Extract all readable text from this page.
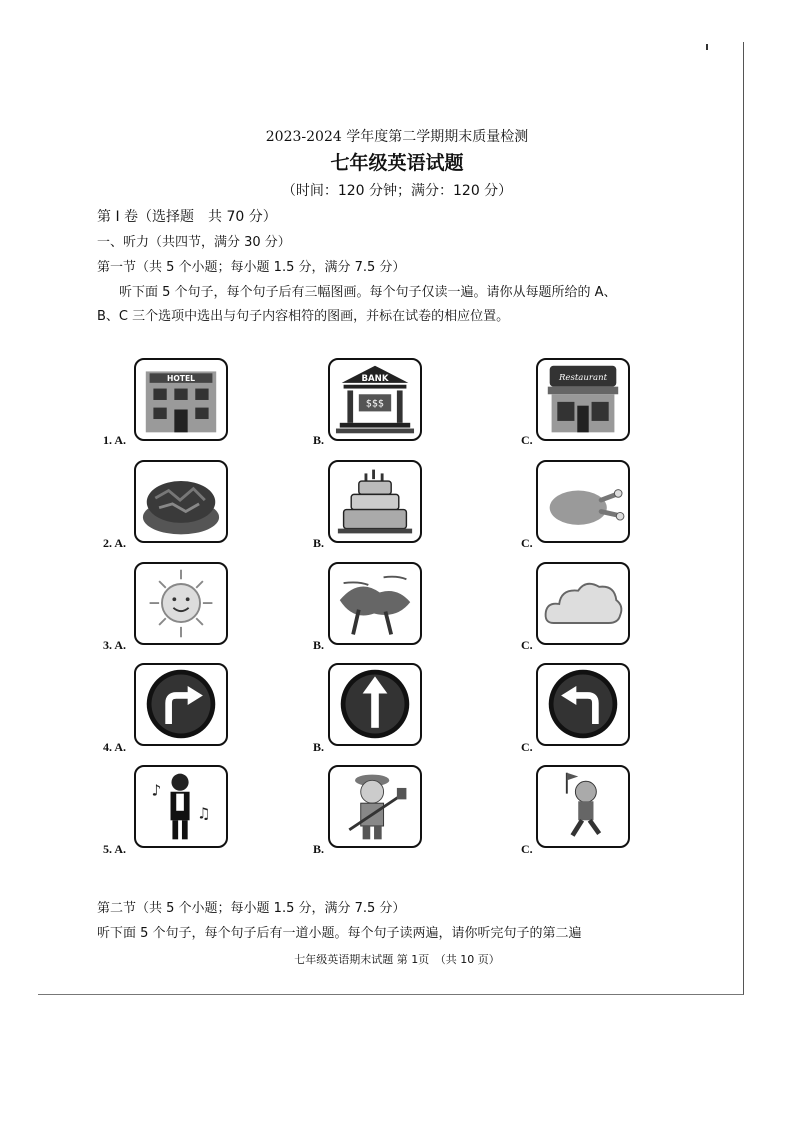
2023-2024 学年度第二学期期末质量检测
七年级英语试题
（时间：120 分钟；满分：120 分）
第 I 卷（选择题　共 70 分）
一、听力（共四节，满分 30 分）
第一节（共 5 个小题；每小题 1.5 分，满分 7.5 分）
听下面 5 个句子，每个句子后有三幅图画。每个句子仅读一遍。请你从每题所给的 A、
B、C 三个选项中选出与句子内容相符的图画，并标在试卷的相应位置。
1. A.
HOTEL
B.
BANK
$$$
C.
Restaurant
2. A.	B.	C.
3. A.	B.	C.
4. A.	B.	C.
5. A.
♪
♫
B.	C.
第二节（共 5 个小题；每小题 1.5 分，满分 7.5 分）
听下面 5 个句子，每个句子后有一道小题。每个句子读两遍，请你听完句子的第二遍
七年级英语期末试题 第 1页　（共 10 页）
